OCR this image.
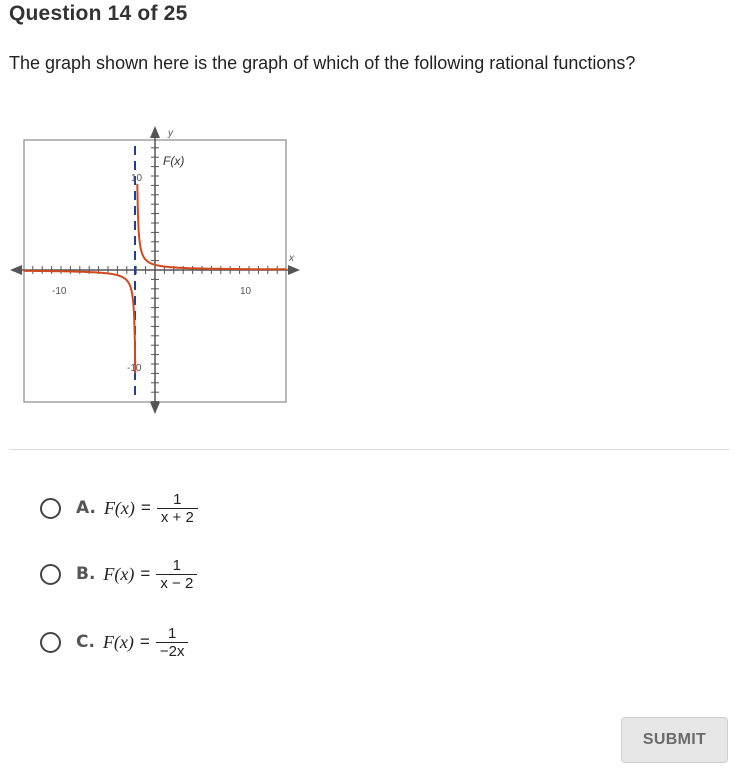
Question 14 of 25
The graph shown here is the graph of which of the following rational functions?
y
x
F(x)
-10	10
10
-10
A. $F(x) = \frac{1}{x + 2}$
B. $F(x) = \frac{1}{x - 2}$
C. $F(x) = \frac{1}{-2x}$
SUBMIT
